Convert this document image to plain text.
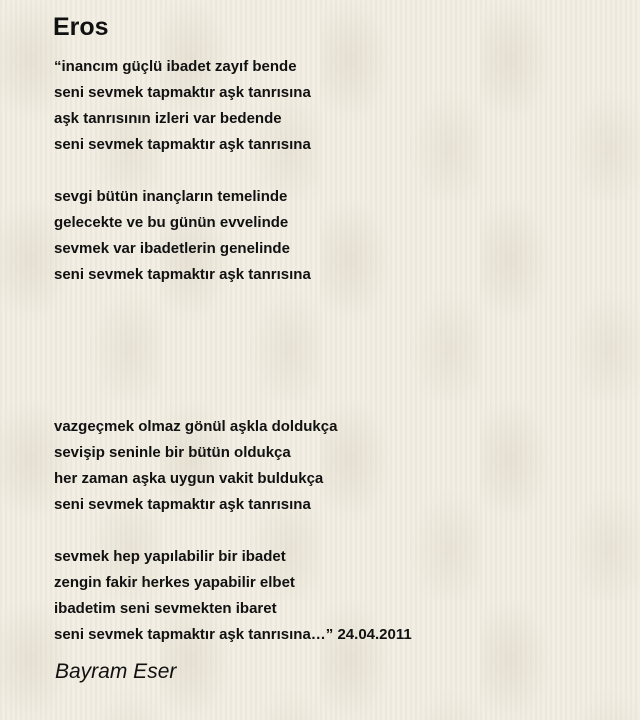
Eros
“inancım güçlü ibadet zayıf bende
seni sevmek tapmaktır aşk tanrısına
aşk tanrısının izleri var bedende
seni sevmek tapmaktır aşk tanrısına
sevgi bütün inançların temelinde
gelecekte ve bu günün evvelinde
sevmek var ibadetlerin genelinde
seni sevmek tapmaktır aşk tanrısına
vazgeçmek olmaz gönül aşkla doldukça
sevişip seninle bir bütün oldukça
her zaman aşka uygun vakit buldukça
seni sevmek tapmaktır aşk tanrısına
sevmek hep yapılabilir bir ibadet
zengin fakir herkes yapabilir elbet
ibadetim seni sevmekten ibaret
seni sevmek tapmaktır aşk tanrısına…” 24.04.2011
Bayram Eser
